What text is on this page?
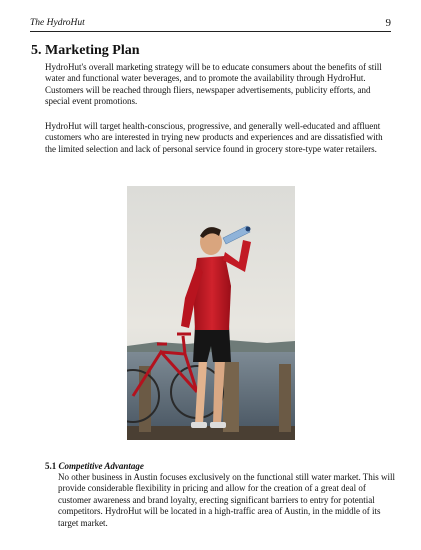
The HydroHut	9
5. Marketing Plan

HydroHut's overall marketing strategy will be to educate consumers about the benefits of still water and functional water beverages, and to promote the availability through HydroHut. Customers will be reached through fliers, newspaper advertisements, publicity efforts, and special event promotions.

HydroHut will target health-conscious, progressive, and generally well-educated and affluent customers who are interested in trying new products and experiences and are dissatisfied with the limited selection and lack of personal service found in grocery store-type water retailers.

5.1 Competitive Advantage

No other business in Austin focuses exclusively on the functional still water market. This will provide considerable flexibility in pricing and allow for the creation of a great deal of customer awareness and brand loyalty, erecting significant barriers to entry for potential competitors. HydroHut will be located in a high-traffic area of Austin, in the middle of its target market.
